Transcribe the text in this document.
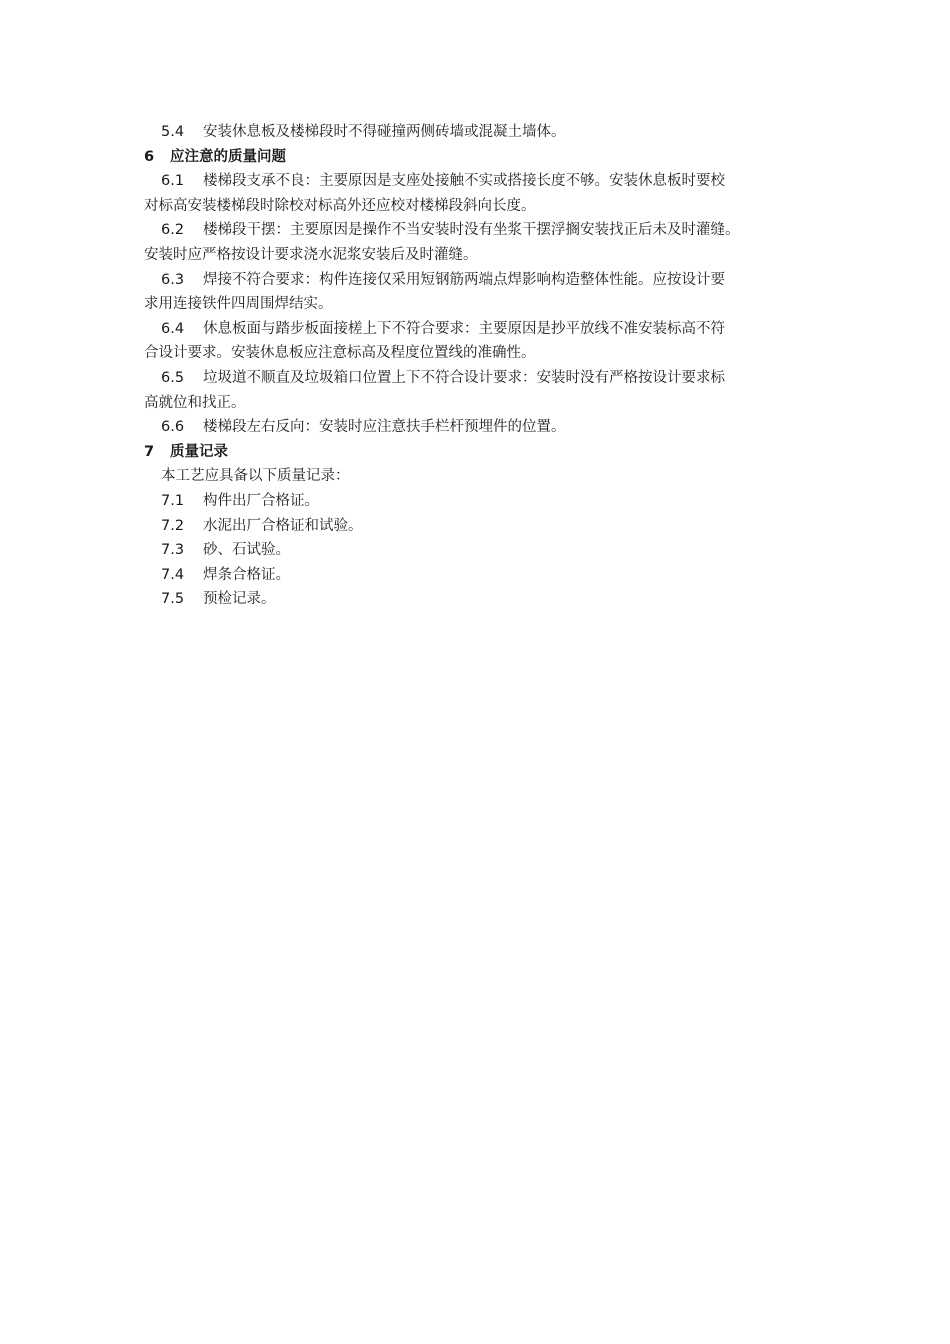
5.4 安装休息板及楼梯段时不得碰撞两侧砖墙或混凝土墙体。
6 应注意的质量问题
6.1 楼梯段支承不良：主要原因是支座处接触不实或搭接长度不够。安装休息板时要校
对标高安装楼梯段时除校对标高外还应校对楼梯段斜向长度。
6.2 楼梯段干摆：主要原因是操作不当安装时没有坐浆干摆浮搁安装找正后未及时灌缝。
安装时应严格按设计要求浇水泥浆安装后及时灌缝。
6.3 焊接不符合要求：构件连接仅采用短钢筋两端点焊影响构造整体性能。应按设计要
求用连接铁件四周围焊结实。
6.4 休息板面与踏步板面接槎上下不符合要求：主要原因是抄平放线不准安装标高不符
合设计要求。安装休息板应注意标高及程度位置线的准确性。
6.5 垃圾道不顺直及垃圾箱口位置上下不符合设计要求：安装时没有严格按设计要求标
高就位和找正。
6.6 楼梯段左右反向：安装时应注意扶手栏杆预埋件的位置。
7 质量记录
本工艺应具备以下质量记录：
7.1 构件出厂合格证。
7.2 水泥出厂合格证和试验。
7.3 砂、石试验。
7.4 焊条合格证。
7.5 预检记录。
